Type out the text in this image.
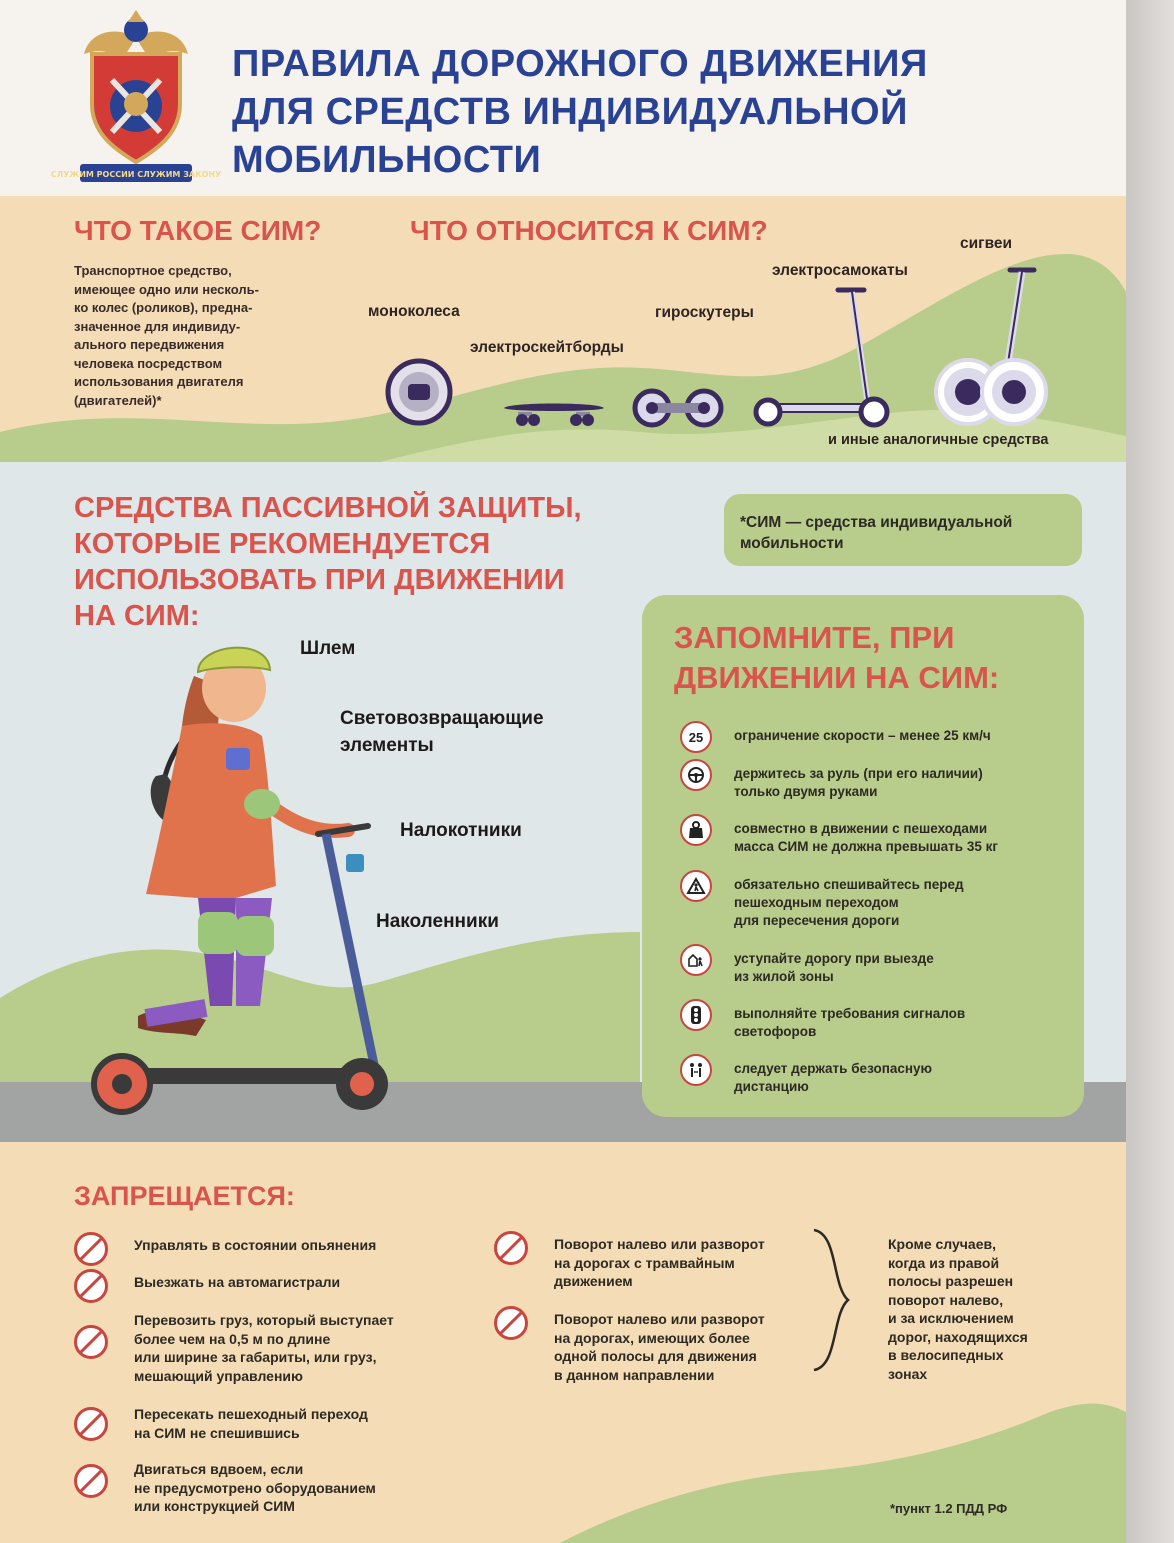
СЛУЖИМ РОССИИ СЛУЖИМ ЗАКОНУ
ПРАВИЛА ДОРОЖНОГО ДВИЖЕНИЯ
ДЛЯ СРЕДСТВ ИНДИВИДУАЛЬНОЙ
МОБИЛЬНОСТИ
ЧТО ТАКОЕ СИМ?	ЧТО ОТНОСИТСЯ К СИМ?
Транспортное средство,
имеющее одно или несколь-
ко колес (роликов), предна-
значенное для индивиду-
ального передвижения
человека посредством
использования двигателя
(двигателей)*
моноколеса
электроскейтборды
гироскутеры
электросамокаты
сигвеи
и иные аналогичные средства
СРЕДСТВА ПАССИВНОЙ ЗАЩИТЫ,
КОТОРЫЕ РЕКОМЕНДУЕТСЯ
ИСПОЛЬЗОВАТЬ ПРИ ДВИЖЕНИИ
НА СИМ:
*СИМ — средства индивидуальной
мобильности
Шлем
Световозвращающие
элементы
Налокотники
Наколенники
ЗАПОМНИТЕ, ПРИ
ДВИЖЕНИИ НА СИМ:
25 ограничение скорости – менее 25 км/ч
держитесь за руль (при его наличии)
только двумя руками
совместно в движении с пешеходами
масса СИМ не должна превышать 35 кг
обязательно спешивайтесь перед
пешеходным переходом
для пересечения дороги
уступайте дорогу при выезде
из жилой зоны
выполняйте требования сигналов
светофоров
следует держать безопасную
дистанцию
ЗАПРЕЩАЕТСЯ:
Управлять в состоянии опьянения
Выезжать на автомагистрали
Перевозить груз, который выступает
более чем на 0,5 м по длине
или ширине за габариты, или груз,
мешающий управлению
Пересекать пешеходный переход
на СИМ не спешившись
Двигаться вдвоем, если
не предусмотрено оборудованием
или конструкцией СИМ
Поворот налево или разворот
на дорогах с трамвайным
движением
Поворот налево или разворот
на дорогах, имеющих более
одной полосы для движения
в данном направлении
Кроме случаев,
когда из правой
полосы разрешен
поворот налево,
и за исключением
дорог, находящихся
в велосипедных
зонах
*пункт 1.2 ПДД РФ
